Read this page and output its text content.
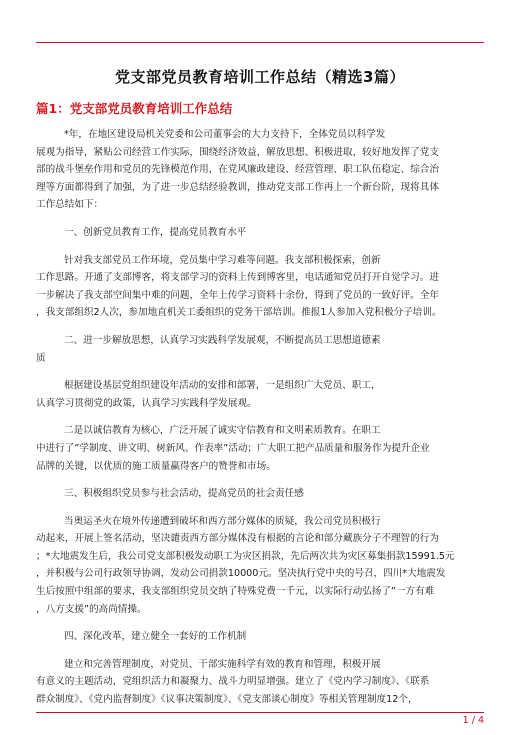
党支部党员教育培训工作总结（精选3篇）
篇1：党支部党员教育培训工作总结

*年，在地区建设局机关党委和公司董事会的大力支持下，全体党员以科学发

展观为指导，紧贴公司经营工作实际，围绕经济效益，解放思想、积极进取，较好地发挥了党支

部的战斗堡垒作用和党员的先锋模范作用，在党风廉政建设、经营管理、职工队伍稳定、综合治

理等方面都得到了加强，为了进一步总结经验教训，推动党支部工作再上一个新台阶，现将具体

工作总结如下：

一、创新党员教育工作，提高党员教育水平

针对我支部党员工作环境，党员集中学习难等问题。我支部积极探索，创新

工作思路。开通了支部博客，将支部学习的资料上传到博客里，电话通知党员打开自觉学习。进

一步解决了我支部空间集中难的问题，全年上传学习资料十余份，得到了党员的一致好评。全年

，我支部组织2人次，参加地直机关工委组织的党务干部培训。推报1人参加入党积极分子培训。

二、进一步解放思想，认真学习实践科学发展观，不断提高员工思想道德素

质

根据建设基层党组织建设年活动的安排和部署，一是组织广大党员、职工，

认真学习贯彻党的政策，认真学习实践科学发展观。

二是以诚信教育为核心，广泛开展了诚实守信教育和文明素质教育。在职工

中进行了”学制度、讲文明、树新风、作表率”活动；广大职工把产品质量和服务作为提升企业

品牌的关键，以优质的施工质量赢得客户的赞誉和市场。

三、积极组织党员参与社会活动，提高党员的社会责任感

当奥运圣火在境外传递遭到破坏和西方部分媒体的质疑，我公司党员积极行

动起来，开展上签名活动，坚决谴责西方部分媒体没有根据的言论和部分藏族分子不理智的行为

；*大地震发生后，我公司党支部积极发动职工为灾区捐款，先后两次共为灾区募集捐款15991.5元

，并积极与公司行政领导协调，发动公司捐款10000元。坚决执行党中央的号召，四川*大地震发

生后按照中组部的要求，我支部组织党员交纳了特殊党费一千元，以实际行动弘扬了”一方有难

，八方支援”的高尚情操。

四、深化改革，建立健全一套好的工作机制

建立和完善管理制度，对党员、干部实施科学有效的教育和管理，积极开展

有意义的主题活动，党组织活力和凝聚力、战斗力明显增强。建立了《党内学习制度》、《联系

群众制度》、《党内监督制度》《议事决策制度》、《党支部谈心制度》等相关管理制度12个，

1 / 4
